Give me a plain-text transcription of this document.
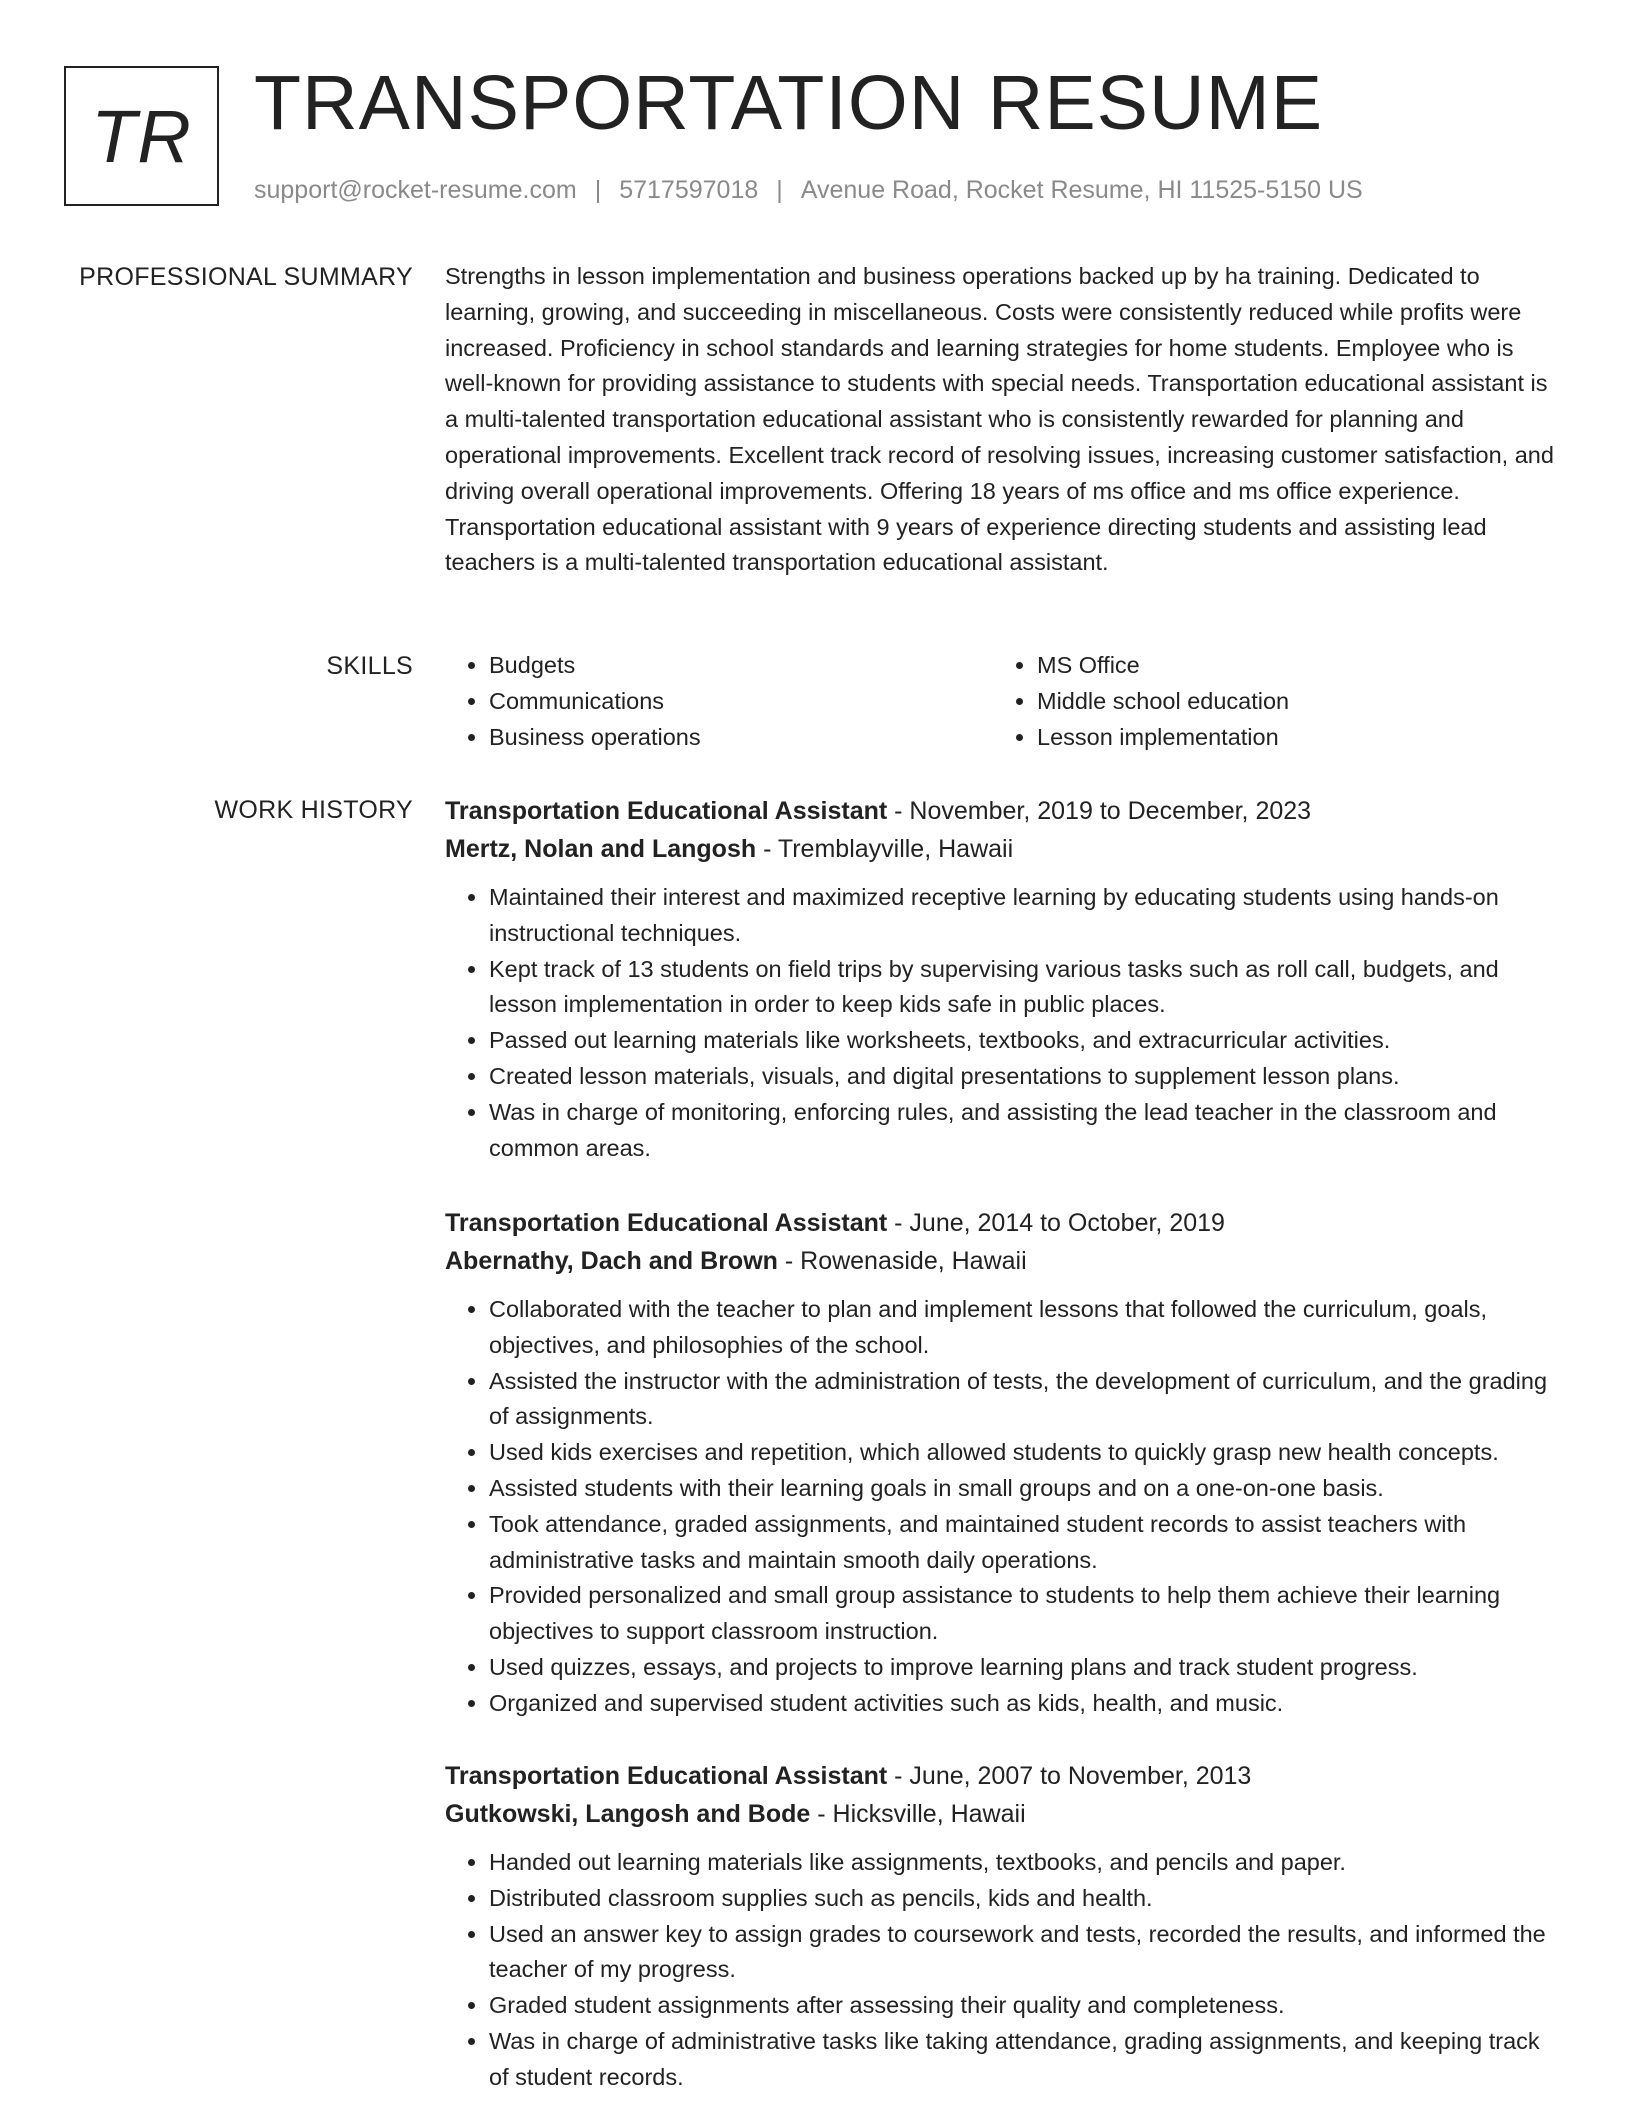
TR TRANSPORTATION RESUME
support@rocket-resume.com | 5717597018 | Avenue Road, Rocket Resume, HI 11525-5150 US
PROFESSIONAL SUMMARY Strengths in lesson implementation and business operations backed up by ha training. Dedicated to learning, growing, and succeeding in miscellaneous. Costs were consistently reduced while profits were increased. Proficiency in school standards and learning strategies for home students. Employee who is well-known for providing assistance to students with special needs. Transportation educational assistant is a multi-talented transportation educational assistant who is consistently rewarded for planning and operational improvements. Excellent track record of resolving issues, increasing customer satisfaction, and driving overall operational improvements. Offering 18 years of ms office and ms office experience. Transportation educational assistant with 9 years of experience directing students and assisting lead teachers is a multi-talented transportation educational assistant.

SKILLS
•	Budgets
• Communications
• Business operations
• MS Office
• Middle school education
• Lesson implementation
WORK HISTORY Transportation Educational Assistant - November, 2019 to December, 2023
Mertz, Nolan and Langosh - Tremblayville, Hawaii
• Maintained their interest and maximized receptive learning by educating students using hands-on instructional techniques.
• Kept track of 13 students on field trips by supervising various tasks such as roll call, budgets, and lesson implementation in order to keep kids safe in public places.
• Passed out learning materials like worksheets, textbooks, and extracurricular activities.
• Created lesson materials, visuals, and digital presentations to supplement lesson plans.
• Was in charge of monitoring, enforcing rules, and assisting the lead teacher in the classroom and common areas.
Transportation Educational Assistant - June, 2014 to October, 2019
Abernathy, Dach and Brown - Rowenaside, Hawaii
• Collaborated with the teacher to plan and implement lessons that followed the curriculum, goals, objectives, and philosophies of the school.
• Assisted the instructor with the administration of tests, the development of curriculum, and the grading of assignments.
• Used kids exercises and repetition, which allowed students to quickly grasp new health concepts.
• Assisted students with their learning goals in small groups and on a one-on-one basis.
• Took attendance, graded assignments, and maintained student records to assist teachers with administrative tasks and maintain smooth daily operations.
• Provided personalized and small group assistance to students to help them achieve their learning objectives to support classroom instruction.
• Used quizzes, essays, and projects to improve learning plans and track student progress.
• Organized and supervised student activities such as kids, health, and music.
Transportation Educational Assistant - June, 2007 to November, 2013
Gutkowski, Langosh and Bode - Hicksville, Hawaii
• Handed out learning materials like assignments, textbooks, and pencils and paper.
• Distributed classroom supplies such as pencils, kids and health.
• Used an answer key to assign grades to coursework and tests, recorded the results, and informed the teacher of my progress.
• Graded student assignments after assessing their quality and completeness.
• Was in charge of administrative tasks like taking attendance, grading assignments, and keeping track of student records.
